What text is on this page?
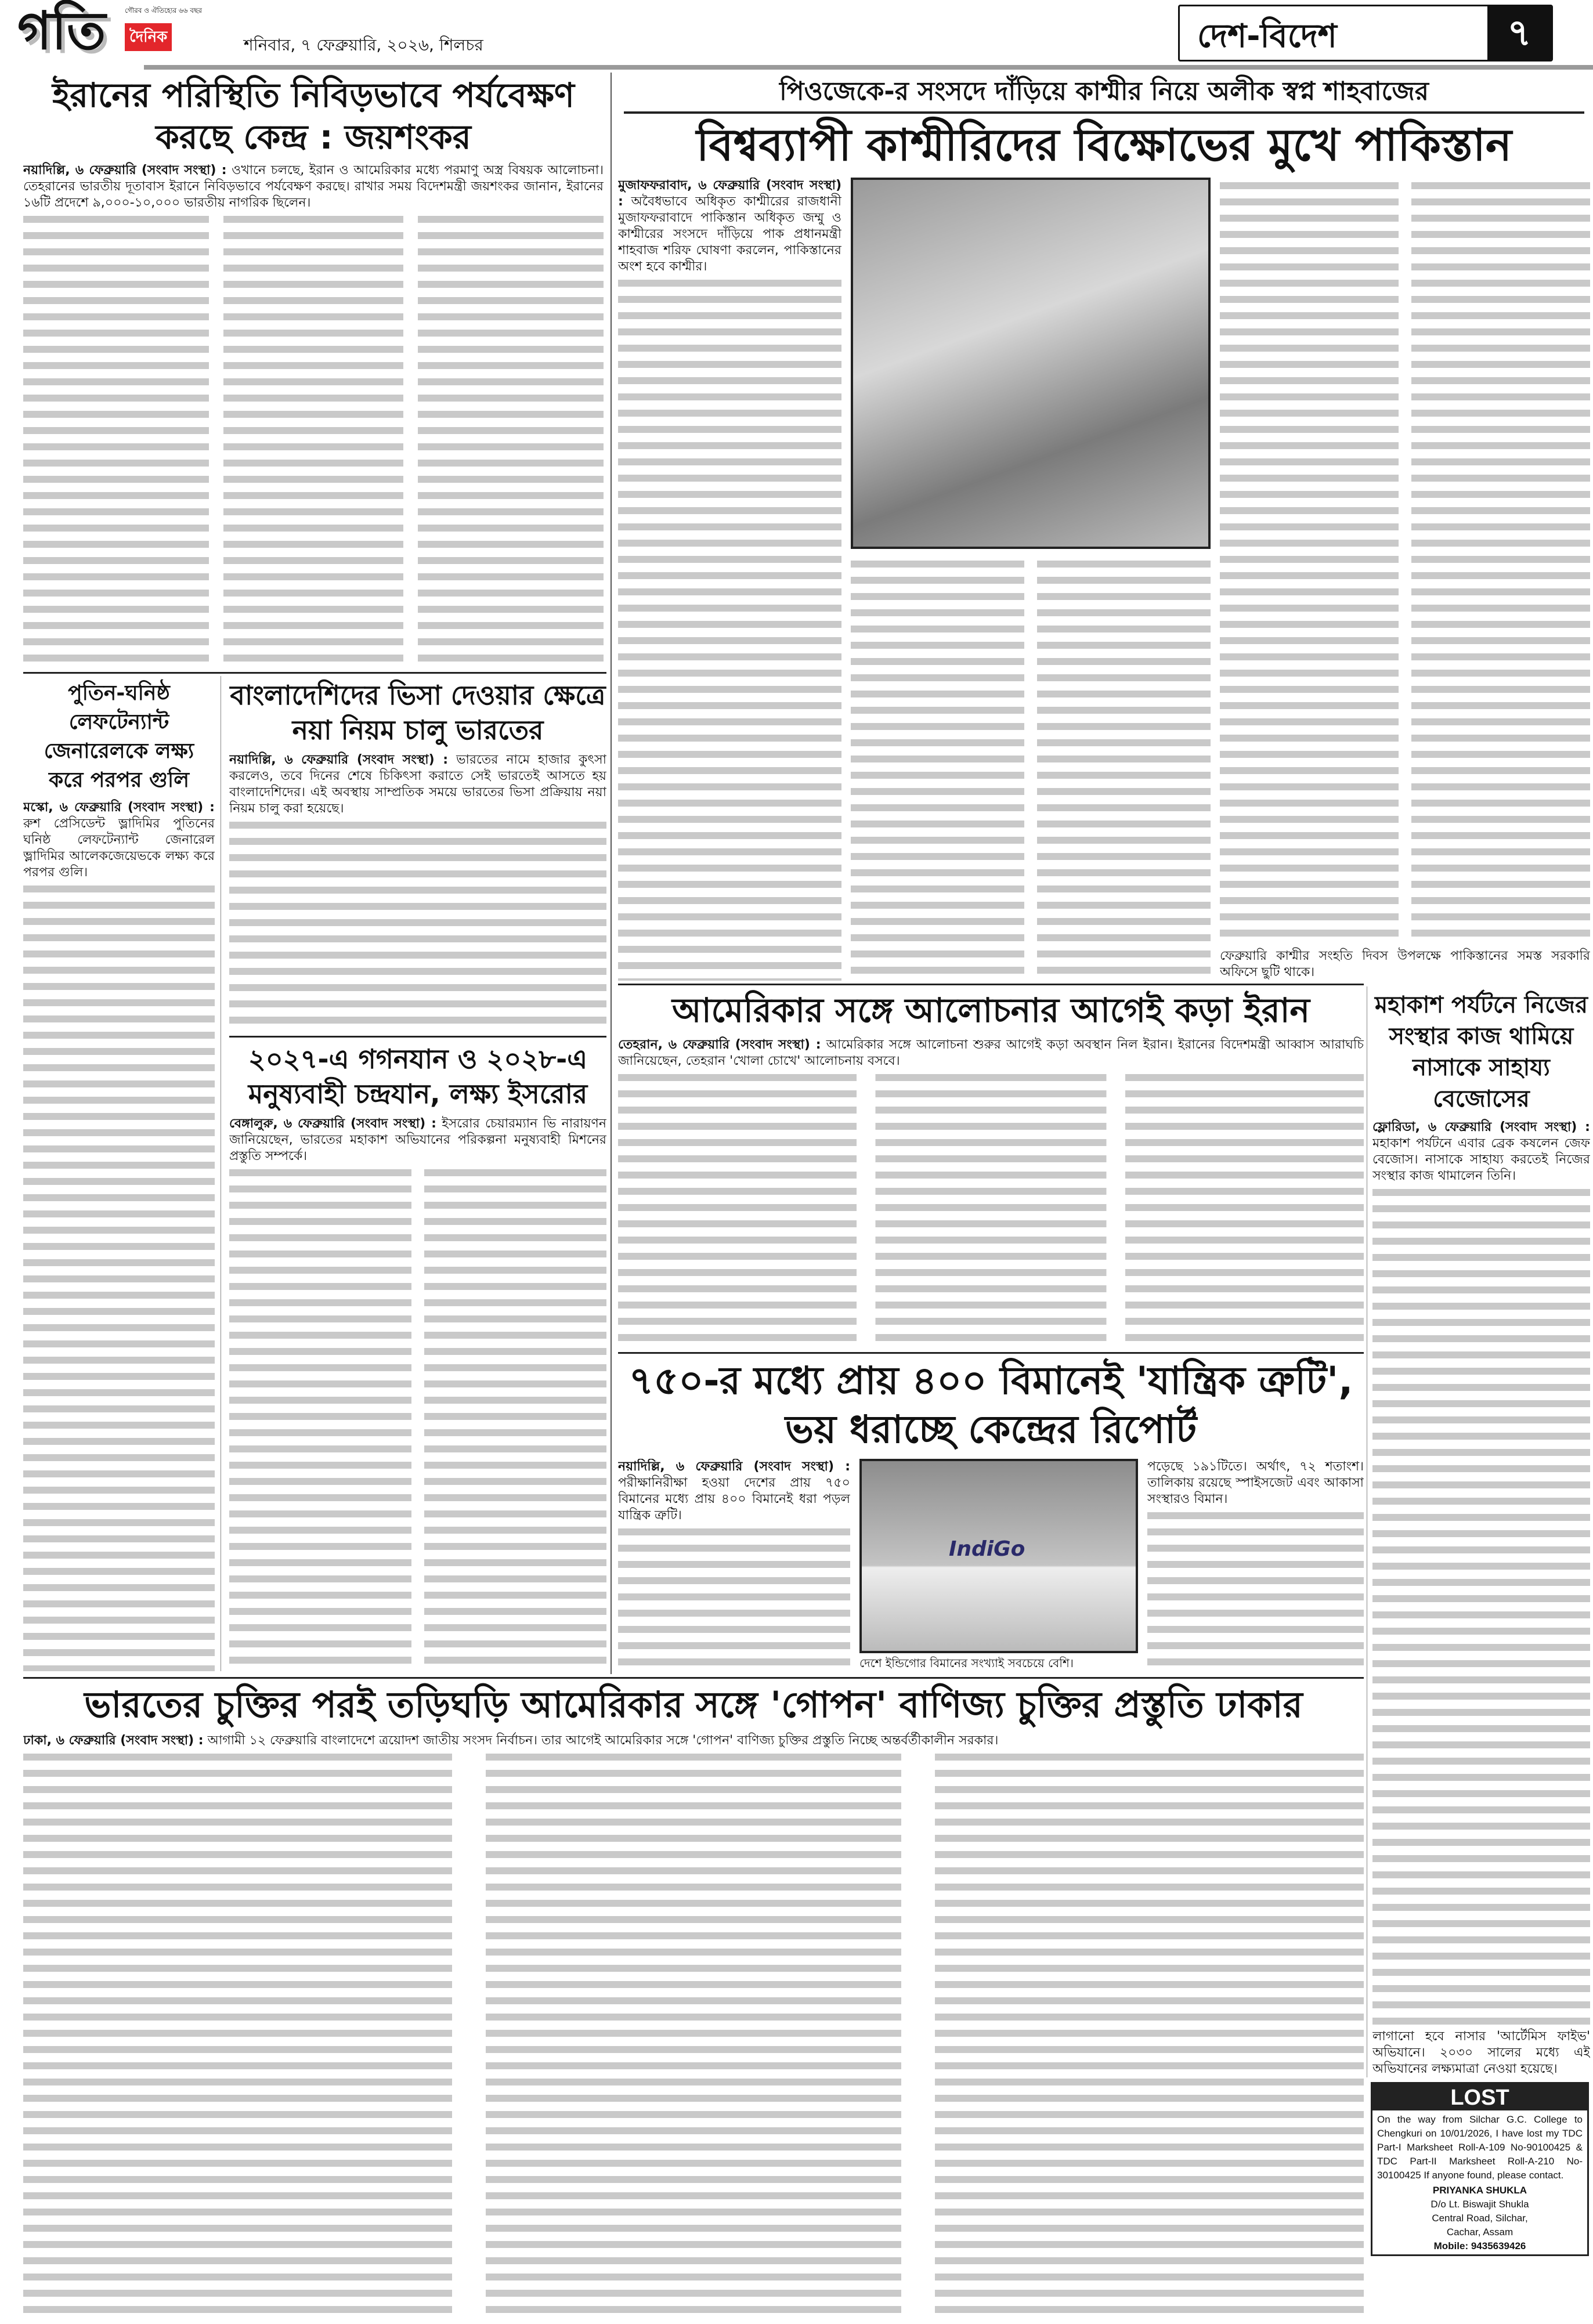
গতি	গৌরব ও ঐতিহ্যের ৬৬ বছর
দৈনিক	শনিবার, ৭ ফেব্রুয়ারি, ২০২৬, শিলচর	দেশ-বিদেশ	৭
ইরানের পরিস্থিতি নিবিড়ভাবে পর্যবেক্ষণ করছে কেন্দ্র : জয়শংকর

নয়াদিল্লি, ৬ ফেব্রুয়ারি (সংবাদ সংস্থা) : ওখানে চলছে, ইরান ও আমেরিকার মধ্যে পরমাণু অস্ত্র বিষয়ক আলোচনা। তেহরানের ভারতীয় দূতাবাস ইরানে নিবিড়ভাবে পর্যবেক্ষণ করছে। রাখার সময় বিদেশমন্ত্রী জয়শংকর জানান, ইরানের ১৬টি প্রদেশে ৯,০০০-১০,০০০ ভারতীয় নাগরিক ছিলেন।

পুতিন-ঘনিষ্ঠ লেফটেন্যান্ট জেনারেলকে লক্ষ্য করে পরপর গুলি

মস্কো, ৬ ফেব্রুয়ারি (সংবাদ সংস্থা) : রুশ প্রেসিডেন্ট ভ্লাদিমির পুতিনের ঘনিষ্ঠ লেফটেন্যান্ট জেনারেল ভ্লাদিমির আলেকজেয়েভকে লক্ষ্য করে পরপর গুলি।

বাংলাদেশিদের ভিসা দেওয়ার ক্ষেত্রে নয়া নিয়ম চালু ভারতের

নয়াদিল্লি, ৬ ফেব্রুয়ারি (সংবাদ সংস্থা) : ভারতের নামে হাজার কুৎসা করলেও, তবে দিনের শেষে চিকিৎসা করাতে সেই ভারতেই আসতে হয় বাংলাদেশিদের। এই অবস্থায় সাম্প্রতিক সময়ে ভারতের ভিসা প্রক্রিয়ায় নয়া নিয়ম চালু করা হয়েছে।

২০২৭-এ গগনযান ও ২০২৮-এ মনুষ্যবাহী চন্দ্রযান, লক্ষ্য ইসরোর

বেঙ্গালুরু, ৬ ফেব্রুয়ারি (সংবাদ সংস্থা) : ইসরোর চেয়ারম্যান ভি নারায়ণন জানিয়েছেন, ভারতের মহাকাশ অভিযানের পরিকল্পনা মনুষ্যবাহী মিশনের প্রস্তুতি সম্পর্কে।

পিওজেকে-র সংসদে দাঁড়িয়ে কাশ্মীর নিয়ে অলীক স্বপ্ন শাহবাজের
বিশ্বব্যাপী কাশ্মীরিদের বিক্ষোভের মুখে পাকিস্তান

মুজাফফরাবাদ, ৬ ফেব্রুয়ারি (সংবাদ সংস্থা) : অবৈধভাবে অধিকৃত কাশ্মীরের রাজধানী মুজাফফরাবাদে পাকিস্তান অধিকৃত জম্মু ও কাশ্মীরের সংসদে দাঁড়িয়ে পাক প্রধানমন্ত্রী শাহবাজ শরিফ ঘোষণা করলেন, পাকিস্তানের অংশ হবে কাশ্মীর।

ফেব্রুয়ারি কাশ্মীর সংহতি দিবস উপলক্ষে পাকিস্তানের সমস্ত সরকারি অফিসে ছুটি থাকে।

আমেরিকার সঙ্গে আলোচনার আগেই কড়া ইরান

তেহরান, ৬ ফেব্রুয়ারি (সংবাদ সংস্থা) : আমেরিকার সঙ্গে আলোচনা শুরুর আগেই কড়া অবস্থান নিল ইরান। ইরানের বিদেশমন্ত্রী আব্বাস আরাঘচি জানিয়েছেন, তেহরান 'খোলা চোখে' আলোচনায় বসবে।

৭৫০-র মধ্যে প্রায় ৪০০ বিমানেই 'যান্ত্রিক ত্রুটি', ভয় ধরাচ্ছে কেন্দ্রের রিপোর্ট

নয়াদিল্লি, ৬ ফেব্রুয়ারি (সংবাদ সংস্থা) : পরীক্ষানিরীক্ষা হওয়া দেশের প্রায় ৭৫০ বিমানের মধ্যে প্রায় ৪০০ বিমানেই ধরা পড়ল যান্ত্রিক ত্রুটি।

IndiGo

দেশে ইন্ডিগোর বিমানের সংখ্যাই সবচেয়ে বেশি।

পড়েছে ১৯১টিতে। অর্থাৎ, ৭২ শতাংশ। তালিকায় রয়েছে স্পাইসজেট এবং আকাসা সংস্থারও বিমান।

মহাকাশ পর্যটনে নিজের সংস্থার কাজ থামিয়ে নাসাকে সাহায্য বেজোসের

ফ্লোরিডা, ৬ ফেব্রুয়ারি (সংবাদ সংস্থা) : মহাকাশ পর্যটনে এবার ব্রেক কষলেন জেফ বেজোস। নাসাকে সাহায্য করতেই নিজের সংস্থার কাজ থামালেন তিনি।

লাগানো হবে নাসার 'আর্টেমিস ফাইভ' অভিযানে। ২০৩০ সালের মধ্যে এই অভিযানের লক্ষ্যমাত্রা নেওয়া হয়েছে।

ভারতের চুক্তির পরই তড়িঘড়ি আমেরিকার সঙ্গে 'গোপন' বাণিজ্য চুক্তির প্রস্তুতি ঢাকার

ঢাকা, ৬ ফেব্রুয়ারি (সংবাদ সংস্থা) : আগামী ১২ ফেব্রুয়ারি বাংলাদেশে ত্রয়োদশ জাতীয় সংসদ নির্বাচন। তার আগেই আমেরিকার সঙ্গে 'গোপন' বাণিজ্য চুক্তির প্রস্তুতি নিচ্ছে অন্তর্বর্তীকালীন সরকার।

LOST
On the way from Silchar G.C. College to Chengkuri on 10/01/2026, I have lost my TDC Part-I Marksheet Roll-A-109 No-90100425 & TDC Part-II Marksheet Roll-A-210 No-30100425 If anyone found, please contact.
PRIYANKA SHUKLA
D/o Lt. Biswajit Shukla
Central Road, Silchar,
Cachar, Assam
Mobile: 9435639426
